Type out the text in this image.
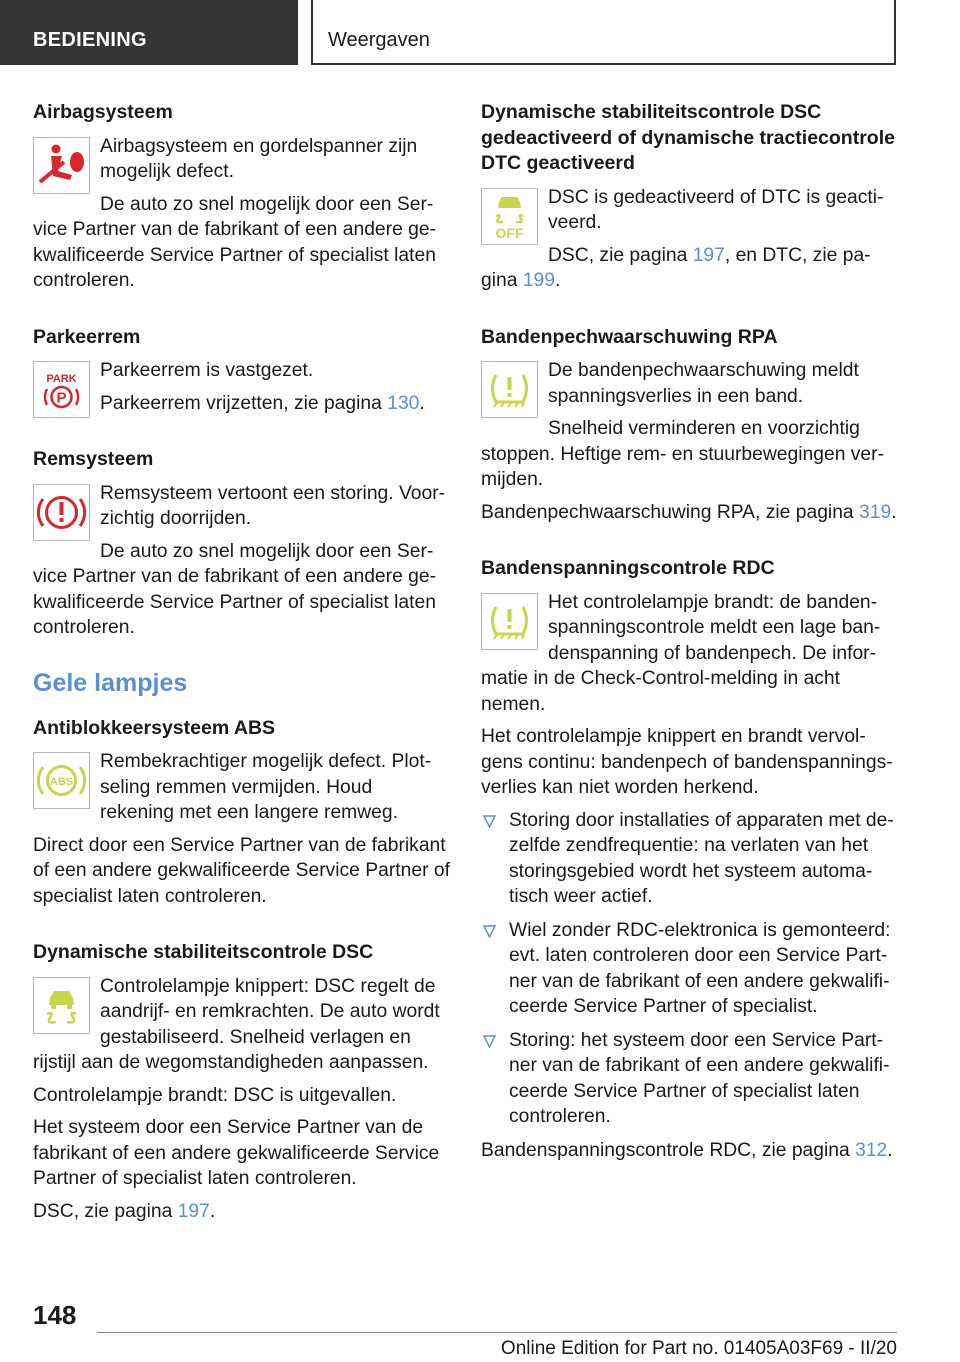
BEDIENING	Weergaven
Airbagsysteem

Airbagsysteem en gordelspanner zijn mogelijk defect.

De auto zo snel mogelijk door een Service Partner van de fabrikant of een andere gekwalificeerde Service Partner of specialist laten controleren.

Parkeerrem
PARK
P

Parkeerrem is vastgezet.

Parkeerrem vrijzetten, zie pagina 130.

Remsysteem

Remsysteem vertoont een storing. Voorzichtig doorrijden.

De auto zo snel mogelijk door een Service Partner van de fabrikant of een andere gekwalificeerde Service Partner of specialist laten controleren.

Gele lampjes
Antiblokkeersysteem ABS
ABS

Rembekrachtiger mogelijk defect. Plotseling remmen vermijden. Houd rekening met een langere remweg.

Direct door een Service Partner van de fabrikant of een andere gekwalificeerde Service Partner of specialist laten controleren.

Dynamische stabiliteitscontrole DSC

Controlelampje knippert: DSC regelt de aandrijf- en remkrachten. De auto wordt gestabiliseerd. Snelheid verlagen en rijstijl aan de wegomstandigheden aanpassen.

Controlelampje brandt: DSC is uitgevallen.

Het systeem door een Service Partner van de fabrikant of een andere gekwalificeerde Service Partner of specialist laten controleren.

DSC, zie pagina 197.

Dynamische stabiliteitscontrole DSC gedeactiveerd of dynamische tractiecontrole DTC geactiveerd
OFF

DSC is gedeactiveerd of DTC is geactiveerd.

DSC, zie pagina 197, en DTC, zie pagina 199.

Bandenpechwaarschuwing RPA

De bandenpechwaarschuwing meldt spanningsverlies in een band.

Snelheid verminderen en voorzichtig stoppen. Heftige rem- en stuurbewegingen vermijden.

Bandenpechwaarschuwing RPA, zie pagina 319.

Bandenspanningscontrole RDC

Het controlelampje brandt: de bandenspanningscontrole meldt een lage bandenspanning of bandenpech. De informatie in de Check-Control-melding in acht nemen.

Het controlelampje knippert en brandt vervolgens continu: bandenpech of bandenspanningsverlies kan niet worden herkend.

Storing door installaties of apparaten met dezelfde zendfrequentie: na verlaten van het storingsgebied wordt het systeem automatisch weer actief.
Wiel zonder RDC-elektronica is gemonteerd: evt. laten controleren door een Service Partner van de fabrikant of een andere gekwalificeerde Service Partner of specialist.
Storing: het systeem door een Service Partner van de fabrikant of een andere gekwalificeerde Service Partner of specialist laten controleren.

Bandenspanningscontrole RDC, zie pagina 312.

148
Online Edition for Part no. 01405A03F69 - II/20
